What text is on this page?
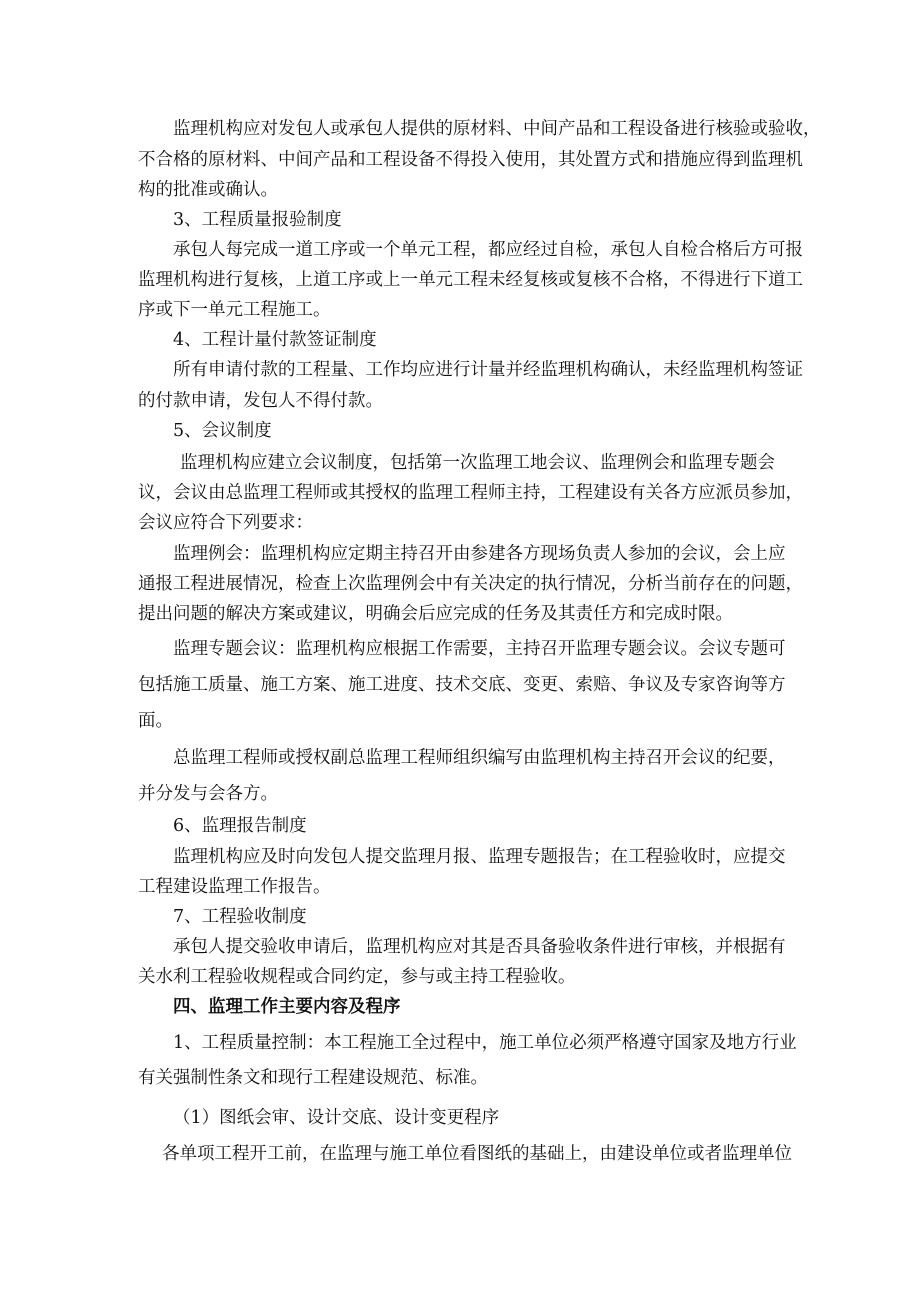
监理机构应对发包人或承包人提供的原材料、中间产品和工程设备进行核验或验收，
不合格的原材料、中间产品和工程设备不得投入使用，其处置方式和措施应得到监理机
构的批准或确认。
3、工程质量报验制度
承包人每完成一道工序或一个单元工程，都应经过自检，承包人自检合格后方可报
监理机构进行复核，上道工序或上一单元工程未经复核或复核不合格，不得进行下道工
序或下一单元工程施工。
4、工程计量付款签证制度
所有申请付款的工程量、工作均应进行计量并经监理机构确认，未经监理机构签证
的付款申请，发包人不得付款。
5、会议制度
监理机构应建立会议制度，包括第一次监理工地会议、监理例会和监理专题会
议，会议由总监理工程师或其授权的监理工程师主持，工程建设有关各方应派员参加，
会议应符合下列要求：
监理例会：监理机构应定期主持召开由参建各方现场负责人参加的会议，会上应
通报工程进展情况，检查上次监理例会中有关决定的执行情况，分析当前存在的问题，
提出问题的解决方案或建议，明确会后应完成的任务及其责任方和完成时限。
监理专题会议：监理机构应根据工作需要，主持召开监理专题会议。会议专题可
包括施工质量、施工方案、施工进度、技术交底、变更、索赔、争议及专家咨询等方
面。
总监理工程师或授权副总监理工程师组织编写由监理机构主持召开会议的纪要，
并分发与会各方。
6、监理报告制度
监理机构应及时向发包人提交监理月报、监理专题报告；在工程验收时，应提交
工程建设监理工作报告。
7、工程验收制度
承包人提交验收申请后，监理机构应对其是否具备验收条件进行审核，并根据有
关水利工程验收规程或合同约定，参与或主持工程验收。
四、监理工作主要内容及程序
1、工程质量控制：本工程施工全过程中，施工单位必须严格遵守国家及地方行业
有关强制性条文和现行工程建设规范、标准。
（1）图纸会审、设计交底、设计变更程序
各单项工程开工前，在监理与施工单位看图纸的基础上，由建设单位或者监理单位
